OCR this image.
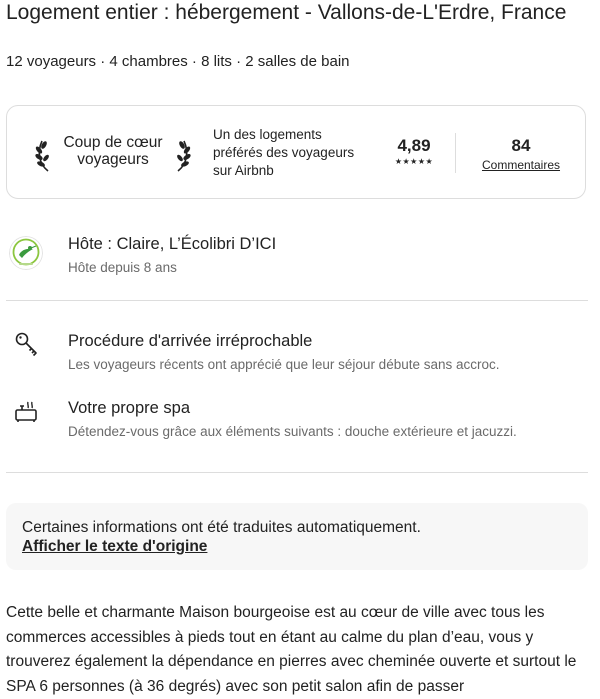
Logement entier : hébergement - Vallons-de-L'Erdre, France
12 voyageurs · 4 chambres · 8 lits · 2 salles de bain
Coup de cœur voyageurs
Un des logements préférés des voyageurs sur Airbnb
4,89
★★★★★
84
Commentaires
Hôte : Claire, L’Écolibri D’ICI
Hôte depuis 8 ans
Procédure d'arrivée irréprochable
Les voyageurs récents ont apprécié que leur séjour débute sans accroc.
Votre propre spa
Détendez-vous grâce aux éléments suivants : douche extérieure et jacuzzi.
Certaines informations ont été traduites automatiquement.
Afficher le texte d'origine
Cette belle et charmante Maison bourgeoise est au cœur de ville avec tous les commerces accessibles à pieds tout en étant au calme du plan d’eau, vous y trouverez également la dépendance en pierres avec cheminée ouverte et surtout le SPA 6 personnes (à 36 degrés) avec son petit salon afin de passer
